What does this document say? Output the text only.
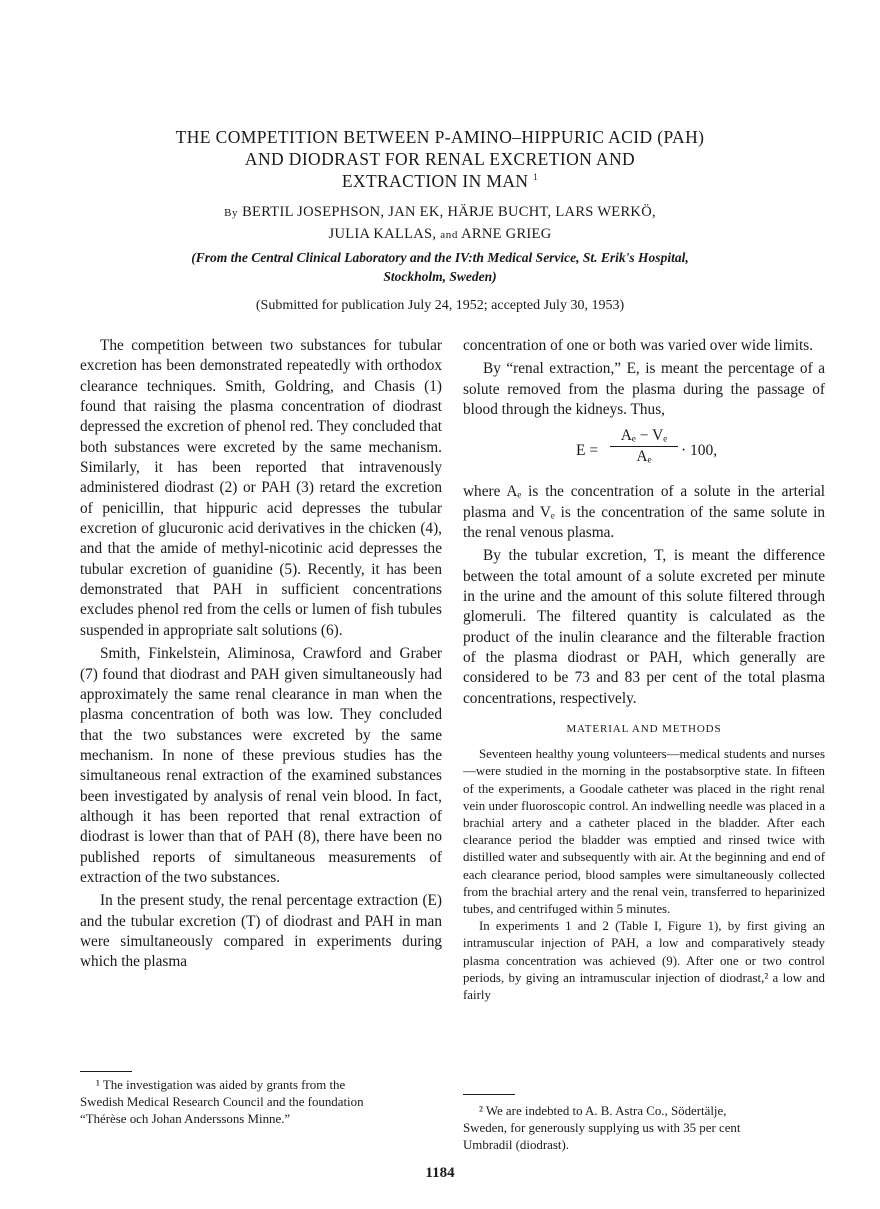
THE COMPETITION BETWEEN P-AMINO–HIPPURIC ACID (PAH)
AND DIODRAST FOR RENAL EXCRETION AND
EXTRACTION IN MAN $^1$
By BERTIL JOSEPHSON, JAN EK, HÄRJE BUCHT, LARS WERKÖ,
JULIA KALLAS, and ARNE GRIEG
(From the Central Clinical Laboratory and the IV:th Medical Service, St. Erik's Hospital,
Stockholm, Sweden)
(Submitted for publication July 24, 1952; accepted July 30, 1953)

The competition between two substances for tubular excretion has been demonstrated repeatedly with orthodox clearance techniques. Smith, Goldring, and Chasis (1) found that raising the plasma concentration of diodrast depressed the excretion of phenol red. They concluded that both substances were excreted by the same mechanism. Similarly, it has been reported that intravenously administered diodrast (2) or PAH (3) retard the excretion of penicillin, that hippuric acid depresses the tubular excretion of glucuronic acid derivatives in the chicken (4), and that the amide of methyl-nicotinic acid depresses the tubular excretion of guanidine (5). Recently, it has been demonstrated that PAH in sufficient concentrations excludes phenol red from the cells or lumen of fish tubules suspended in appropriate salt solutions (6).

Smith, Finkelstein, Aliminosa, Crawford and Graber (7) found that diodrast and PAH given simultaneously had approximately the same renal clearance in man when the plasma concentration of both was low. They concluded that the two substances were excreted by the same mechanism. In none of these previous studies has the simultaneous renal extraction of the examined substances been investigated by analysis of renal vein blood. In fact, although it has been reported that renal extraction of diodrast is lower than that of PAH (8), there have been no published reports of simultaneous measurements of extraction of the two substances.

In the present study, the renal percentage extraction (E) and the tubular excretion (T) of diodrast and PAH in man were simultaneously compared in experiments during which the plasma

¹ The investigation was aided by grants from the
Swedish Medical Research Council and the foundation
“Thérèse och Johan Anderssons Minne.”

concentration of one or both was varied over wide limits.

By “renal extraction,” E, is meant the percentage of a solute removed from the plasma during the passage of blood through the kidneys. Thus,

$E = \frac{\text{Aₑ − Vₑ}}{\text{Aₑ}} \cdot 100$,

where Aₑ is the concentration of a solute in the arterial plasma and Vₑ is the concentration of the same solute in the renal venous plasma.

By the tubular excretion, T, is meant the difference between the total amount of a solute excreted per minute in the urine and the amount of this solute filtered through glomeruli. The filtered quantity is calculated as the product of the inulin clearance and the filterable fraction of the plasma diodrast or PAH, which generally are considered to be 73 and 83 per cent of the total plasma concentrations, respectively.

MATERIAL AND METHODS

Seventeen healthy young volunteers—medical students and nurses—were studied in the morning in the postabsorptive state. In fifteen of the experiments, a Goodale catheter was placed in the right renal vein under fluoroscopic control. An indwelling needle was placed in a brachial artery and a catheter placed in the bladder. After each clearance period the bladder was emptied and rinsed twice with distilled water and subsequently with air. At the beginning and end of each clearance period, blood samples were simultaneously collected from the brachial artery and the renal vein, transferred to heparinized tubes, and centrifuged within 5 minutes.

In experiments 1 and 2 (Table I, Figure 1), by first giving an intramuscular injection of PAH, a low and comparatively steady plasma concentration was achieved (9). After one or two control periods, by giving an intramuscular injection of diodrast,² a low and fairly

² We are indebted to A. B. Astra Co., Södertälje,
Sweden, for generously supplying us with 35 per cent
Umbradil (diodrast).
1184
